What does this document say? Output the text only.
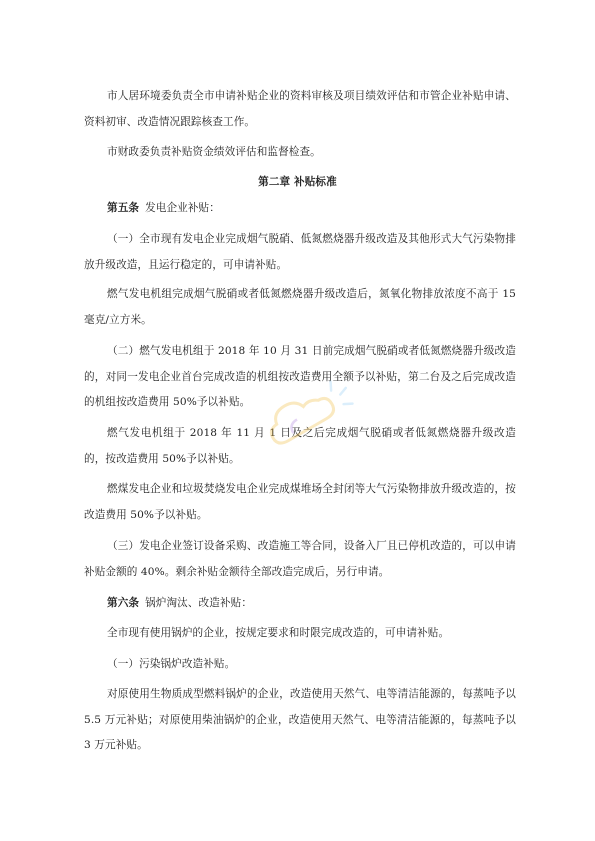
市人居环境委负责全市申请补贴企业的资料审核及项目绩效评估和市管企业补贴申请、资料初审、改造情况跟踪核查工作。
市财政委负责补贴资金绩效评估和监督检查。
第二章 补贴标准
第五条 发电企业补贴：
（一）全市现有发电企业完成烟气脱硝、低氮燃烧器升级改造及其他形式大气污染物排放升级改造，且运行稳定的，可申请补贴。
燃气发电机组完成烟气脱硝或者低氮燃烧器升级改造后，氮氧化物排放浓度不高于 15 毫克/立方米。
（二）燃气发电机组于 2018 年 10 月 31 日前完成烟气脱硝或者低氮燃烧器升级改造的，对同一发电企业首台完成改造的机组按改造费用全额予以补贴，第二台及之后完成改造的机组按改造费用 50%予以补贴。
燃气发电机组于 2018 年 11 月 1 日及之后完成烟气脱硝或者低氮燃烧器升级改造的，按改造费用 50%予以补贴。
燃煤发电企业和垃圾焚烧发电企业完成煤堆场全封闭等大气污染物排放升级改造的，按改造费用 50%予以补贴。
（三）发电企业签订设备采购、改造施工等合同，设备入厂且已停机改造的，可以申请补贴金额的 40%。剩余补贴金额待全部改造完成后，另行申请。
第六条 锅炉淘汰、改造补贴：
全市现有使用锅炉的企业，按规定要求和时限完成改造的，可申请补贴。
（一）污染锅炉改造补贴。
对原使用生物质成型燃料锅炉的企业，改造使用天然气、电等清洁能源的，每蒸吨予以 5.5 万元补贴；对原使用柴油锅炉的企业，改造使用天然气、电等清洁能源的，每蒸吨予以 3 万元补贴。
